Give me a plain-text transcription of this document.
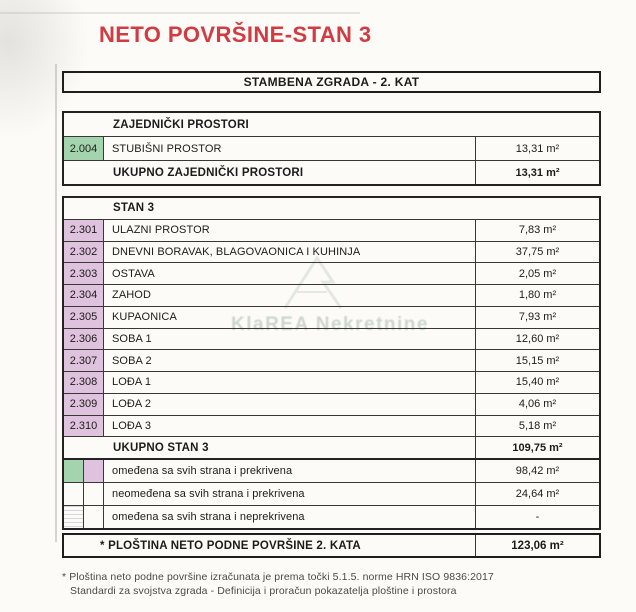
KlaREA Nekretnine
NETO POVRŠINE-STAN 3
STAMBENA ZGRADA - 2. KAT
ZAJEDNIČKI PROSTORI
2.004	STUBIŠNI PROSTOR	13,31 m²
UKUPNO ZAJEDNIČKI PROSTORI	13,31 m²
STAN 3
2.301	ULAZNI PROSTOR	7,83 m²
2.302	DNEVNI BORAVAK, BLAGOVAONICA I KUHINJA	37,75 m²
2.303	OSTAVA	2,05 m²
2.304	ZAHOD	1,80 m²
2.305	KUPAONICA	7,93 m²
2.306	SOBA 1	12,60 m²
2.307	SOBA 2	15,15 m²
2.308	LOĐA 1	15,40 m²
2.309	LOĐA 2	4,06 m²
2.310	LOĐA 3	5,18 m²
UKUPNO STAN 3	109,75 m²
omeđena sa svih strana i prekrivena	98,42 m²
neomeđena sa svih strana i prekrivena	24,64 m²
omeđena sa svih strana i neprekrivena	-
* PLOŠTINA NETO PODNE POVRŠINE 2. KATA	123,06 m²
* Ploština neto podne površine izračunata je prema točki 5.1.5. norme HRN ISO 9836:2017
Standardi za svojstva zgrada - Definicija i proračun pokazatelja ploštine i prostora
